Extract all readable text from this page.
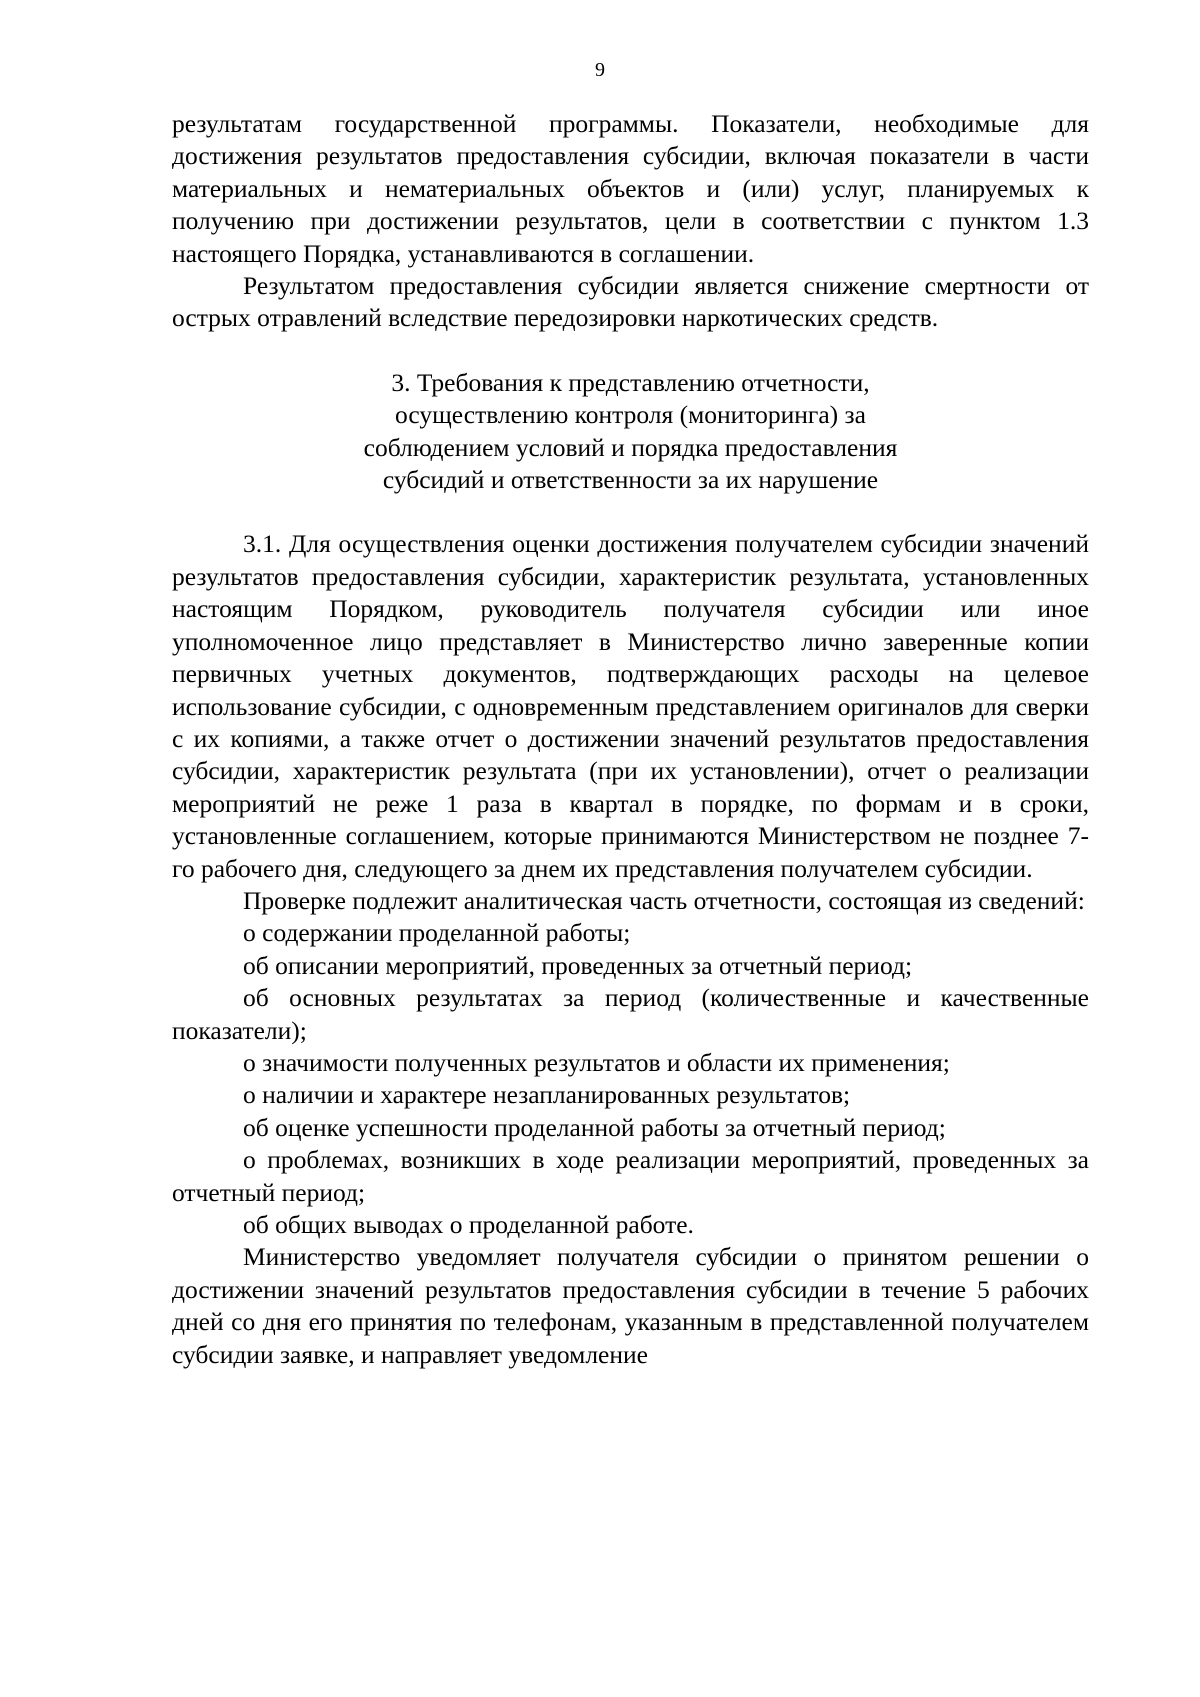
9

результатам государственной программы. Показатели, необходимые для достижения результатов предоставления субсидии, включая показатели в части материальных и нематериальных объектов и (или) услуг, планируемых к получению при достижении результатов, цели в соответствии с пунктом 1.3 настоящего Порядка, устанавливаются в соглашении.

Результатом предоставления субсидии является снижение смертности от острых отравлений вследствие передозировки наркотических средств.

3. Требования к представлению отчетности,
осуществлению контроля (мониторинга) за
соблюдением условий и порядка предоставления
субсидий и ответственности за их нарушение

3.1. Для осуществления оценки достижения получателем субсидии значений результатов предоставления субсидии, характеристик результата, установленных настоящим Порядком, руководитель получателя субсидии или иное уполномоченное лицо представляет в Министерство лично заверенные копии первичных учетных документов, подтверждающих расходы на целевое использование субсидии, с одновременным представлением оригиналов для сверки с их копиями, а также отчет о достижении значений результатов предоставления субсидии, характеристик результата (при их установлении), отчет о реализации мероприятий не реже 1 раза в квартал в порядке, по формам и в сроки, установленные соглашением, которые принимаются Министерством не позднее 7-го рабочего дня, следующего за днем их представления получателем субсидии.

Проверке подлежит аналитическая часть отчетности, состоящая из сведений:

о содержании проделанной работы;

об описании мероприятий, проведенных за отчетный период;

об основных результатах за период (количественные и качественные показатели);

о значимости полученных результатов и области их применения;

о наличии и характере незапланированных результатов;

об оценке успешности проделанной работы за отчетный период;

о проблемах, возникших в ходе реализации мероприятий, проведенных за отчетный период;

об общих выводах о проделанной работе.

Министерство уведомляет получателя субсидии о принятом решении о достижении значений результатов предоставления субсидии в течение 5 рабочих дней со дня его принятия по телефонам, указанным в представленной получателем субсидии заявке, и направляет уведомление
